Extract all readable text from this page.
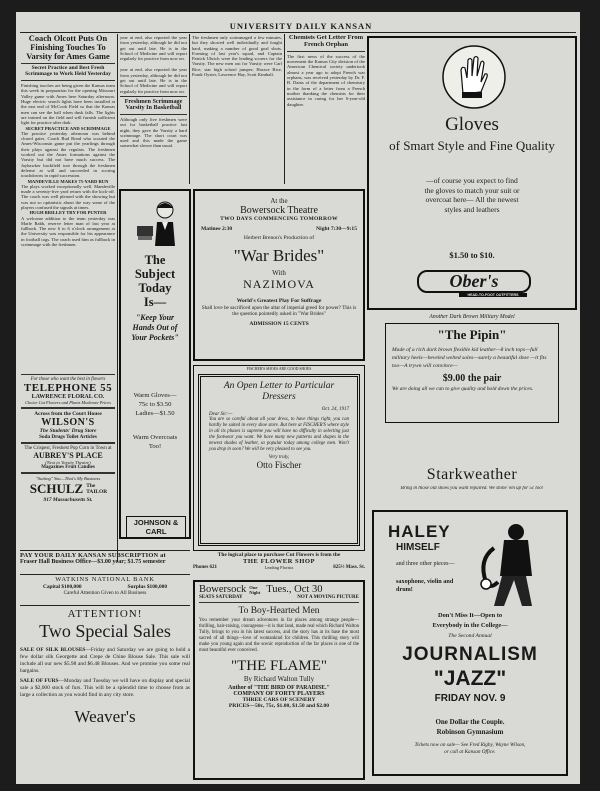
UNIVERSITY DAILY KANSAN
Coach Olcott Puts On Finishing Touches To Varsity for Ames Game
Secret Practice and Best Fresh Scrimmage to Work Held Yesterday

Finishing touches are being given the Kansas team this week in preparation for the opening Missouri Valley game with Ames here Saturday afternoon. Huge electric search lights have been installed at the east end of McCook Field so that the Kansas men can see the ball when dusk falls. The lights are trained on the field and will furnish sufficient light for practice after dark.

SECRET PRACTICE AND SCRIMMAGE

The practice yesterday afternoon was behind closed gates. Coach Bud Bond who scouted the Ames-Wisconsin game put the yearlings through their plays against the regulars. The freshmen worked out the Ames formations against the Varsity but did not have much success. The Jayhawker backfield tore through the freshmen defense at will and succeeded in scoring touchdowns in rapid succession.

MANDEVILLE MAKES 75-YARD RUN

The plays worked exceptionally well. Mandeville made a seventy-five yard return with the kick-off. The coach was well pleased with the showing but was not so optimistic about the way some of the players confused the signals at times.

HUGH BRILLEY TRY FOR PUNTER

A welcome addition to the team yesterday was Marle Rabb, reserve letter man of last year at fullback. The new 6 to 6 o'clock arrangement at the University was responsible for his appearance in football togs. The coach used him as fullback in scrimmage with the freshmen.

For those who want the best in flowers
TELEPHONE 55
LAWRENCE FLORAL CO.
Choice Cut Flowers and Plants Moderate Prices
Across from the Court House
WILSON'S
The Students' Drug Store
Soda Drugs Toilet Articles
The Crispest, Freshest Pop Corn in Town at
AUBREY'S PLACE
(Next to Varsity Theatre)
Magazines Fruit Candies
"Suiting" You—That's My Business
SCHULZ The TAILOR
917 Massachusetts St.

year at end, also reported the year from yesterday, although he did not get out until late. He is in the School of Medicine and will report regularly for practice from now on.

year at end, also reported the year from yesterday, although he did not get out until late. He is in the School of Medicine and will report regularly for practice from now on.

Freshmen Scrimmage Varsity In Basketball

Although only five freshmen were out for basketball practice last night, they gave the Varsity a hard scrimmage. The short court was used and this made the game somewhat slower than usual.

The freshmen only scrimmaged a few minutes, but they showed well individually and fought hard, making a number of good goal shots. Forming of last year's squad, and Captain Patrick Uhrich were the leading scorers for the Varsity. The new men out for Varsity were Carl Rice, star high school jumper; Horace Rice, Frank Oyster, Lawrence Hay, Scott Kimball.

Chemists Get Letter From French Orphan

The first news of the success of the movement the Kansas City division of the American Chemical society undertook almost a year ago to adopt French war orphans, was received yesterday by Dr. F. B. Dains of the department of chemistry in the form of a letter from a French mother thanking the chemists for their assistance in caring for her 6-year-old daughter.

The
Subject
Today
Is—
"Keep Your Hands Out of Your Pockets"
Warm Gloves—
75c to $3.50
Ladies—$1.50
Warm Overcoats Too!
JOHNSON & CARL
At the
Bowersock Theatre
TWO DAYS COMMENCING TOMORROW
Matinee 2:30	Night 7:30—9:15
Herbert Brenon's Production of
"War Brides"
With
NAZIMOVA
World's Greatest Play For Suffrage
Shall love be sacrificed upon the altar of imperial greed for power? This is the question pointedly asked in "War Brides"
ADMISSION 15 CENTS
FISCHER'S SHOES ARE GOOD SHOES
An Open Letter to Particular Dressers
Oct. 24, 1917
Dear Sir:—

You are so careful about all your dress, to have things right, you can hardly be suited in every shoe store. But here at FISCHER'S where style in all its phases is supreme you will have no difficulty in selecting just the footwear you want. We have many new patterns and shapes in the newest shades of leather, so popular today among college men. Won't you drop in soon? We will be very pleased to see you.

Very truly,
Otto Fischer
The logical place to purchase Cut Flowers is from the
THE FLOWER SHOP
Leading Florists
Phones 621	825½ Mass. St.
PAY YOUR DAILY KANSAN SUBSCRIPTION at
Fraser Hall Business Office—$3.00 year; $1.75 semester
WATKINS NATIONAL BANK
Capital $100,000	Surplus $100,000
Careful Attention Given to All Business
ATTENTION!
Two Special Sales

SALE OF SILK BLOUSES—Friday and Saturday we are going to hold a few dollar silk Georgette and Crepe de Chine Blouse Sale. This sale will include all our new $5.98 and $6.48 Blouses. And we promise you some real bargains.

SALE OF FURS—Monday and Tuesday we will have on display and special sale a $2,000 stock of furs. This will be a splendid time to choose from as large a collection as you would find in any city store.

Weaver's
Bowersock One Night Tues., Oct 30
SEATS SATURDAY	NOT A MOVING PICTURE
To Boy-Hearted Men

You remember your dream adventures in far places among strange people—thrilling, hair-raising, courageous—it is that land, made real which Richard Walton Tully, brings to you in his latest success, and the story has at its base the most sacred of all things—love of womankind for children. This thrilling story will make you young again and the scenic reproduction of the far places is one of the most beautiful ever conceived.

"THE FLAME"
By Richard Walton Tully
Author of "THE BIRD OF PARADISE."
COMPANY OF FORTY PLAYERS
THREE CARS OF SCENERY
PRICES—50c, 75c, $1.00, $1.50 and $2.00
Gloves
of Smart Style and Fine Quality
—of course you expect to find the gloves to match your suit or overcoat here— All the newest styles and leathers
$1.50 to $10.
Ober's
HEAD-TO-FOOT OUTFITTERS
Another Dark Brown Military Model
"The Pipin"

Made of a rich dark brown flexible kid leather—8 inch tops—full military heels—beveled welted soles—surely a beautiful shoe —it fits too—A trywn will convince—

$9.00 the pair

We are doing all we can to give quality and hold down the prices.

Starkweather
Bring in those old shoes you want repaired. We shine 'em up for 5c too!
HALEY
HIMSELF
and three other pieces—
saxophone, violin and drum!
Don't Miss It—Open to
Everybody in the College—
The Second Annual
JOURNALISM
"JAZZ"
FRIDAY NOV. 9
One Dollar the Couple.
Robinson Gymnasium
Tickets now on sale— See Fred Rigby, Wayne Wilson, or call at Kansan Office.
